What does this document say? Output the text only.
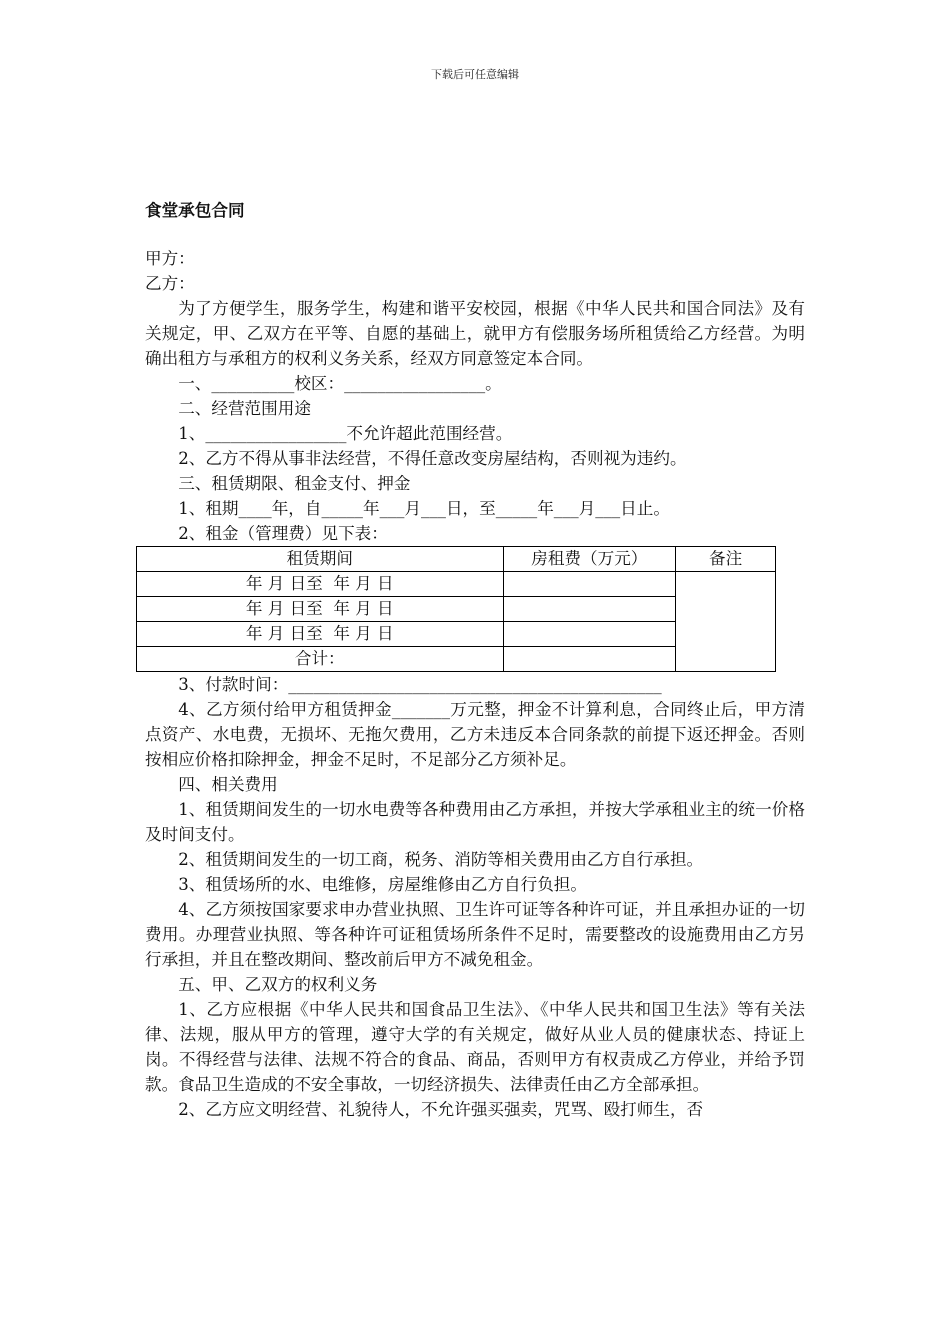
下载后可任意编辑
食堂承包合同
甲方：
乙方：

为了方便学生，服务学生，构建和谐平安校园，根据《中华人民共和国合同法》及有关规定，甲、乙双方在平等、自愿的基础上，就甲方有偿服务场所租赁给乙方经营。为明确出租方与承租方的权利义务关系，经双方同意签定本合同。

一、__________校区：_________________。
二、经营范围用途
1、_________________不允许超此范围经营。
2、乙方不得从事非法经营，不得任意改变房屋结构，否则视为违约。
三、租赁期限、租金支付、押金
1、租期____年，自_____年___月___日，至_____年___月___日止。
2、租金（管理费）见下表：
租赁期间	房租费（万元）	备注
年 月 日至  年 月 日		
年 月 日至  年 月 日		
年 月 日至  年 月 日		
合计：		
3、付款时间：_____________________________________________

4、乙方须付给甲方租赁押金_______万元整，押金不计算利息，合同终止后，甲方清点资产、水电费，无损坏、无拖欠费用，乙方未违反本合同条款的前提下返还押金。否则按相应价格扣除押金，押金不足时，不足部分乙方须补足。

四、相关费用

1、租赁期间发生的一切水电费等各种费用由乙方承担，并按大学承租业主的统一价格及时间支付。

2、租赁期间发生的一切工商，税务、消防等相关费用由乙方自行承担。

3、租赁场所的水、电维修，房屋维修由乙方自行负担。

4、乙方须按国家要求申办营业执照、卫生许可证等各种许可证，并且承担办证的一切费用。办理营业执照、等各种许可证租赁场所条件不足时，需要整改的设施费用由乙方另行承担，并且在整改期间、整改前后甲方不减免租金。

五、甲、乙双方的权利义务

1、乙方应根据《中华人民共和国食品卫生法》、《中华人民共和国卫生法》等有关法律、法规，服从甲方的管理，遵守大学的有关规定，做好从业人员的健康状态、持证上岗。不得经营与法律、法规不符合的食品、商品，否则甲方有权责成乙方停业，并给予罚款。食品卫生造成的不安全事故，一切经济损失、法律责任由乙方全部承担。

2、乙方应文明经营、礼貌待人，不允许强买强卖，咒骂、殴打师生，否
